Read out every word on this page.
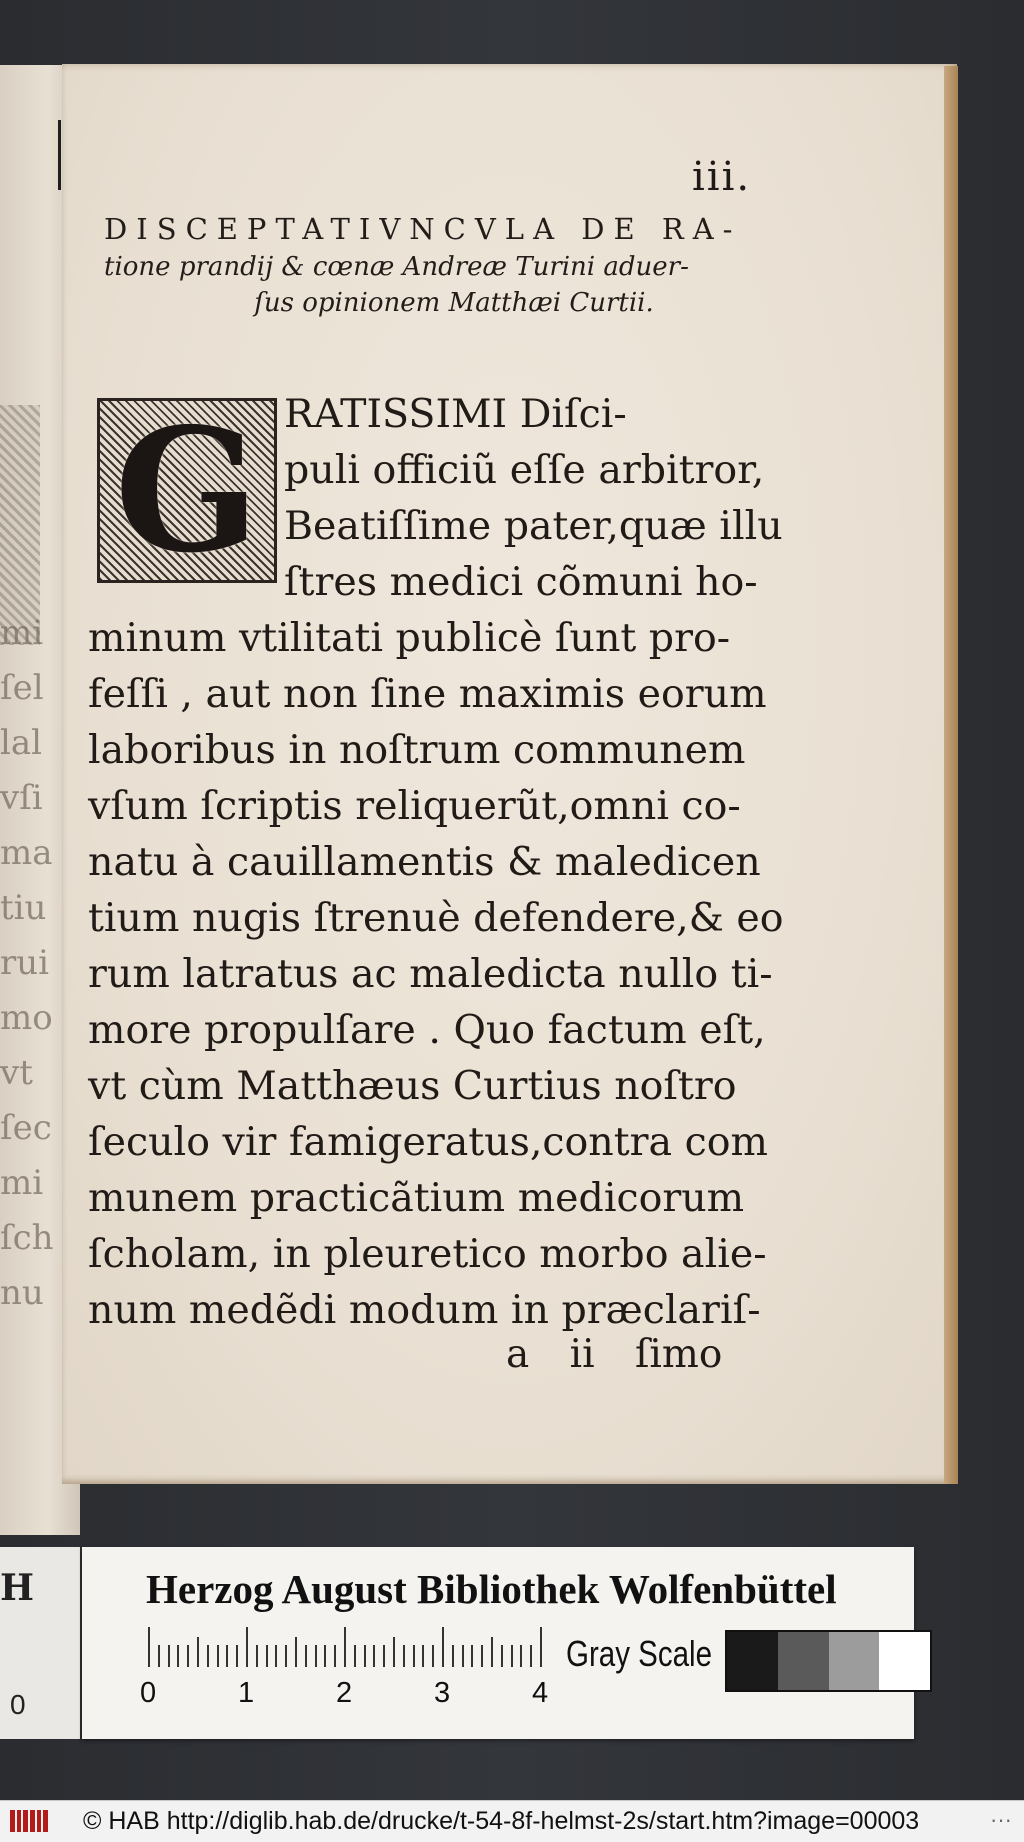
mi
ſel
lal
vſi
ma
tiu
rui
mo
vt
ſec
mi
ſch
nu
iii.
DISCEPTATIVNCVLA DE RA-
tione prandij & cœnæ Andreæ Turini aduer-
ſus opinionem Matthæi Curtii.
G RATISSIMI Diſci-
puli officiũ eſſe arbitror,
Beatiſſime pater,quæ illu
ſtres medici cõmuni ho-
minum vtilitati publicè ſunt pro-
feſſi , aut non ſine maximis eorum
laboribus in noſtrum communem
vſum ſcriptis reliquerũt,omni co-
natu à cauillamentis & maledicen
tium nugis ſtrenuè defendere,& eo
rum latratus ac maledicta nullo ti-
more propulſare . Quo factum eſt,
vt cùm Matthæus Curtius noſtro
ſeculo vir famigeratus,contra com
munem practicãtium medicorum
ſcholam, in pleuretico morbo alie-
num medẽdi modum in præclariſ-
a ii ſimo
H
0
Herzog August Bibliothek Wolfenbüttel
0	1	2	3	4
Gray Scale
© HAB http://diglib.hab.de/drucke/t-54-8f-helmst-2s/start.htm?image=00003	···
